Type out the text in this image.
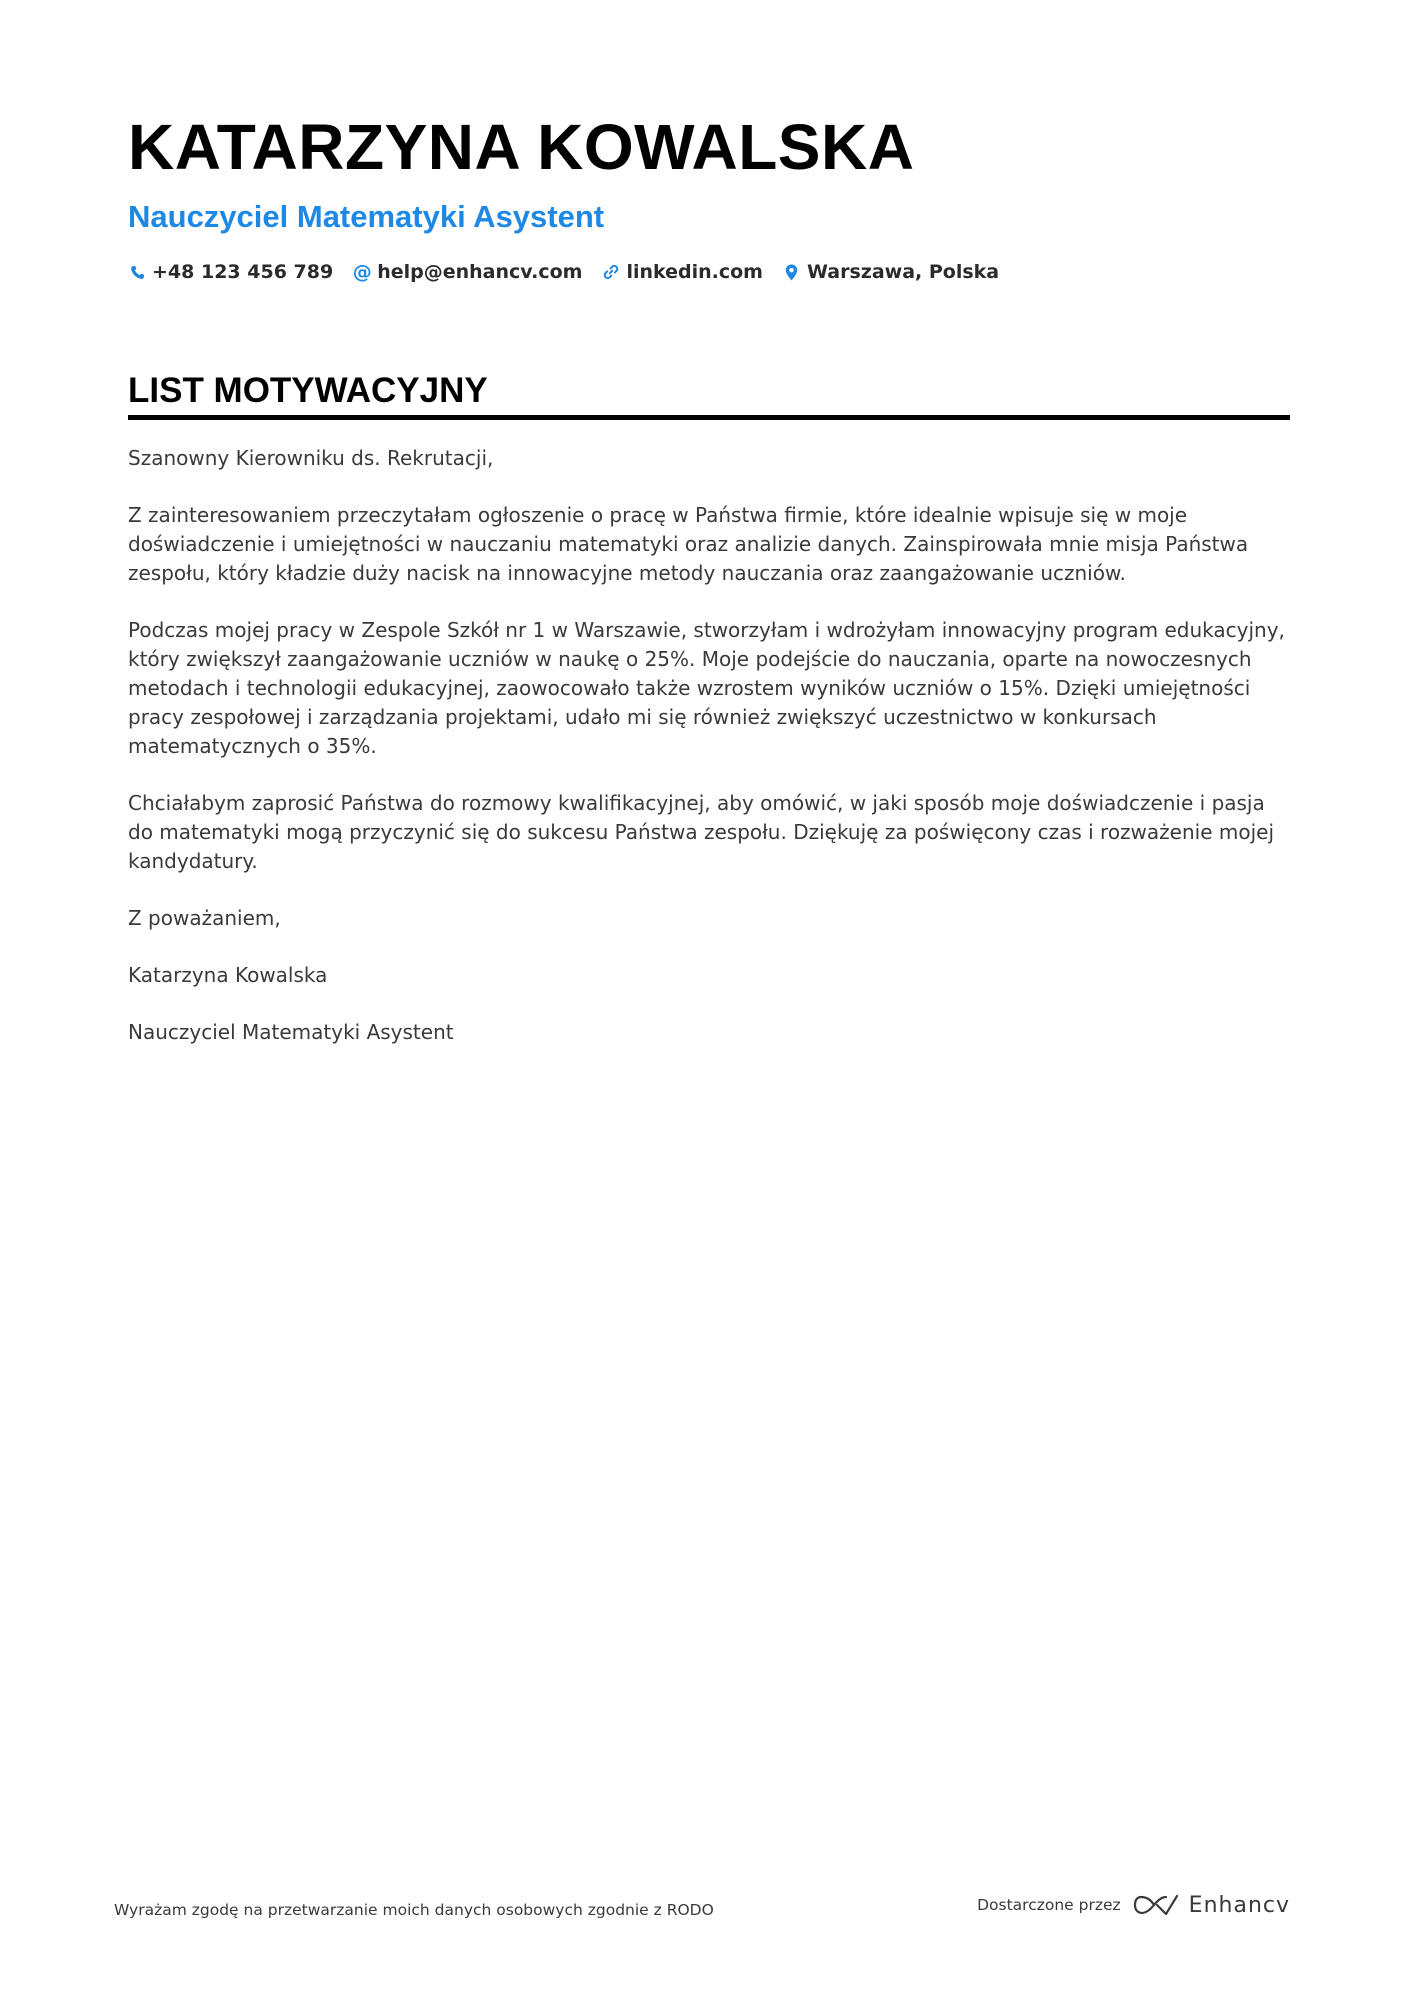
KATARZYNA KOWALSKA
Nauczyciel Matematyki Asystent
+48 123 456 789 @ help@enhancv.com linkedin.com Warszawa, Polska
LIST MOTYWACYJNY

Szanowny Kierowniku ds. Rekrutacji,

Z zainteresowaniem przeczytałam ogłoszenie o pracę w Państwa firmie, które idealnie wpisuje się w moje doświadczenie i umiejętności w nauczaniu matematyki oraz analizie danych. Zainspirowała mnie misja Państwa zespołu, który kładzie duży nacisk na innowacyjne metody nauczania oraz zaangażowanie uczniów.

Podczas mojej pracy w Zespole Szkół nr 1 w Warszawie, stworzyłam i wdrożyłam innowacyjny program edukacyjny, który zwiększył zaangażowanie uczniów w naukę o 25%. Moje podejście do nauczania, oparte na nowoczesnych metodach i technologii edukacyjnej, zaowocowało także wzrostem wyników uczniów o 15%. Dzięki umiejętności pracy zespołowej i zarządzania projektami, udało mi się również zwiększyć uczestnictwo w konkursach matematycznych o 35%.

Chciałabym zaprosić Państwa do rozmowy kwalifikacyjnej, aby omówić, w jaki sposób moje doświadczenie i pasja do matematyki mogą przyczynić się do sukcesu Państwa zespołu. Dziękuję za poświęcony czas i rozważenie mojej kandydatury.

Z poważaniem,

Katarzyna Kowalska

Nauczyciel Matematyki Asystent

Wyrażam zgodę na przetwarzanie moich danych osobowych zgodnie z RODO	Dostarczone przez	Enhancv
